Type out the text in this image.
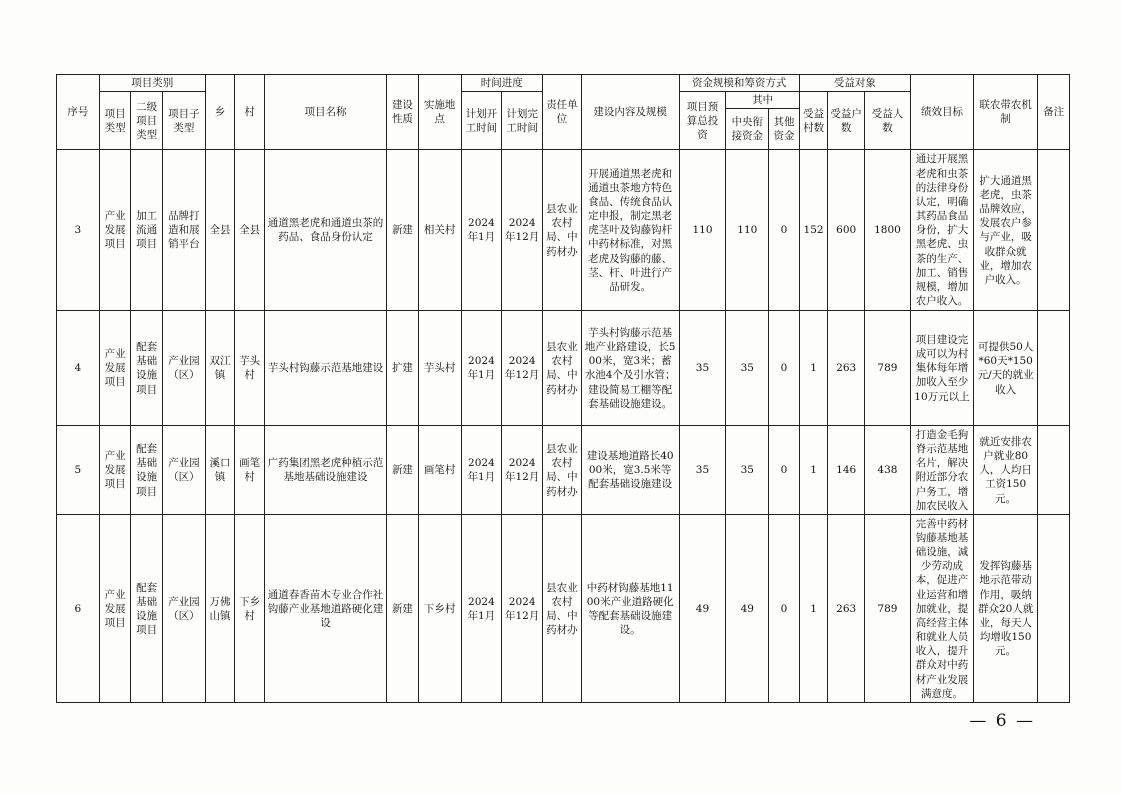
序号	项目类别			乡	村	项目名称	建设性质	实施地点	时间进度		责任单位	建设内容及规模	资金规模和筹资方式			受益对象			绩效目标	联农带农机制	备注
	项目类型	二级项目类型	项目子类型						计划开工时间	计划完工时间			项目预算总投资	其中		受益村数	受益户数	受益人数			
														中央衔接资金	其他资金						
3	产业发展项目	加工流通项目	品牌打造和展销平台	全县	全县	通道黑老虎和通道虫茶的药品、食品身份认定	新建	相关村	2024年1月	2024年12月	县农业农村局、中药材办	开展通道黑老虎和通道虫茶地方特色食品、传统食品认定申报，制定黑老虎茎叶及钩藤钩杆中药材标准，对黑老虎及钩藤的藤、茎、杆、叶进行产品研发。	110	110	0	152	600	1800	通过开展黑老虎和虫茶的法律身份认定，明确其药品食品身份，扩大黑老虎、虫茶的生产、加工、销售规模，增加农户收入。	扩大通道黑老虎，虫茶品牌效应，发展农户参与产业，吸收群众就业，增加农户收入。	
4	产业发展项目	配套基础设施项目	产业园（区）	双江镇	芋头村	芋头村钩藤示范基地建设	扩建	芋头村	2024年1月	2024年12月	县农业农村局、中药材办	芋头村钩藤示范基地产业路建设，长500米，宽3米；蓄水池4个及引水管；建设简易工棚等配套基础设施建设。	35	35	0	1	263	789	项目建设完成可以为村集体每年增加收入至少10万元以上	可提供50人*60天*150元/天的就业收入	
5	产业发展项目	配套基础设施项目	产业园（区）	溪口镇	画笔村	广药集团黑老虎种植示范基地基础设施建设	新建	画笔村	2024年1月	2024年12月	县农业农村局、中药材办	建设基地道路长4000米，宽3.5米等配套基础设施建设	35	35	0	1	146	438	打造金毛狗脊示范基地名片，解决附近部分农户务工，增加农民收入	就近安排农户就业80人，人均日工资150元。	
6	产业发展项目	配套基础设施项目	产业园（区）	万佛山镇	下乡村	通道春香苗木专业合作社钩藤产业基地道路硬化建设	新建	下乡村	2024年1月	2024年12月	县农业农村局、中药材办	中药材钩藤基地1100米产业道路硬化等配套基础设施建设。	49	49	0	1	263	789	完善中药材钩藤基地基础设施，减少劳动成本，促进产业运营和增加就业，提高经营主体和就业人员收入，提升群众对中药材产业发展满意度。	发挥钩藤基地示范带动作用，吸纳群众20人就业，每天人均增收150元。	
— 6 —
